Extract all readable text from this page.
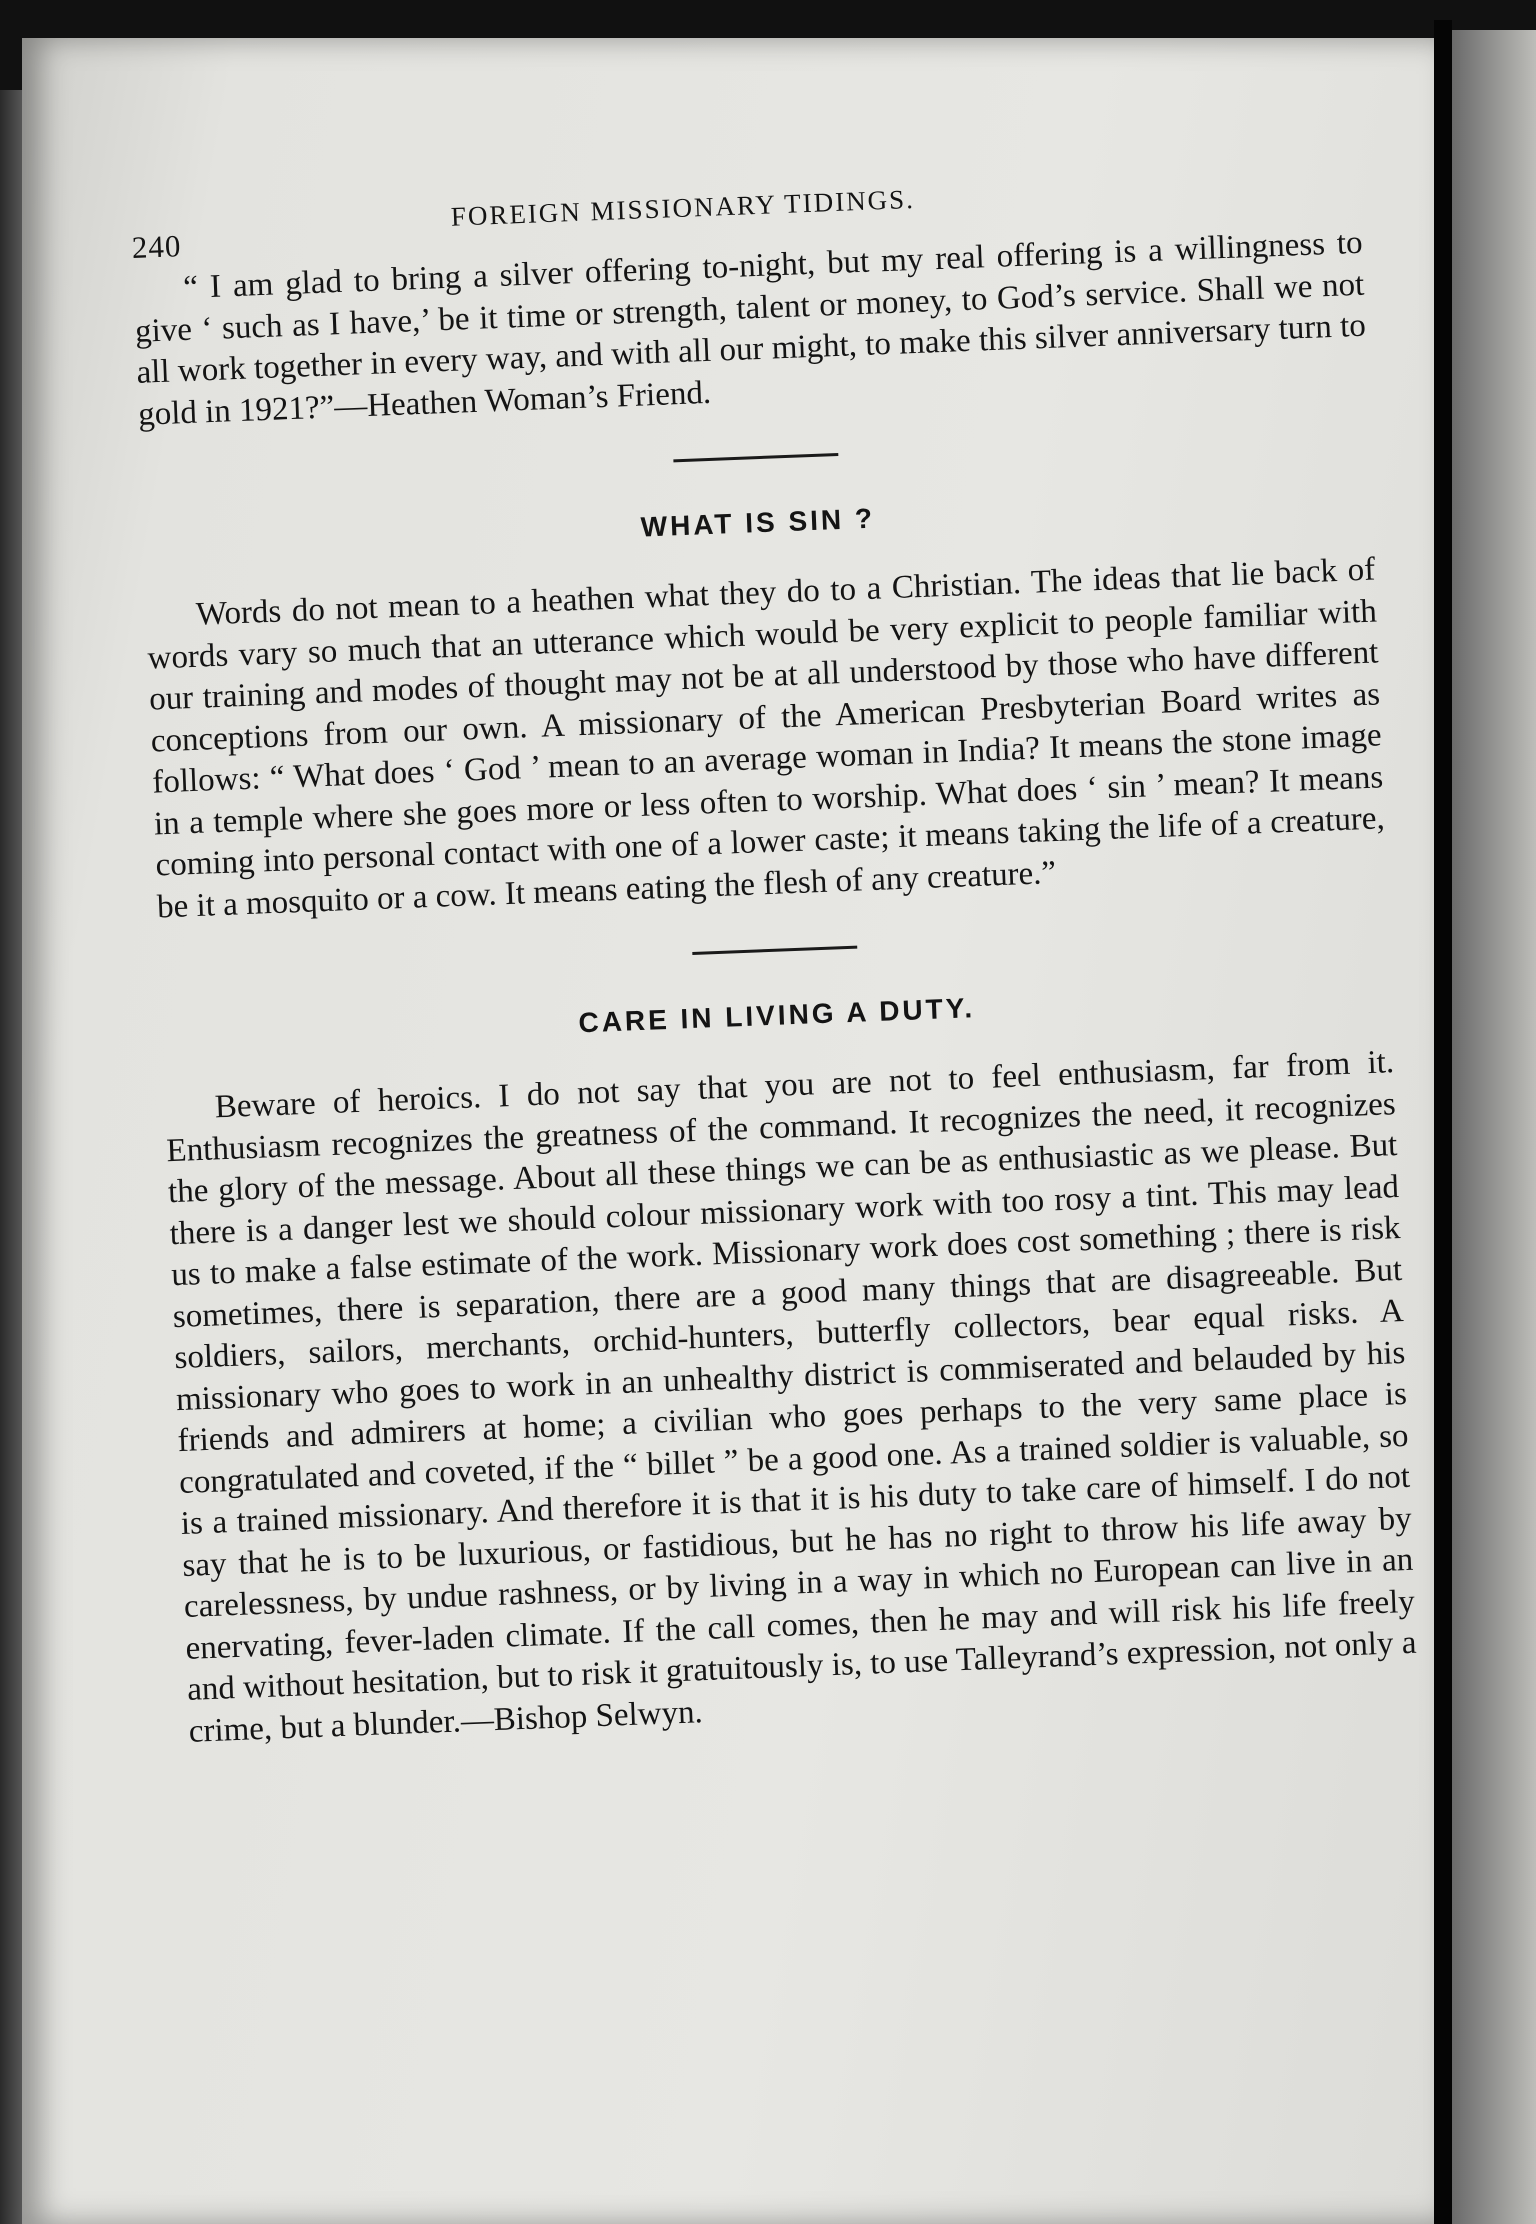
240
FOREIGN MISSIONARY TIDINGS.

“ I am glad to bring a silver offering to-night, but my real offering is a willingness to give ‘ such as I have,’ be it time or strength, talent or money, to God’s service. Shall we not all work together in every way, and with all our might, to make this silver anniversary turn to gold in 1921?”—Heathen Woman’s Friend.

WHAT IS SIN ?

Words do not mean to a heathen what they do to a Christian. The ideas that lie back of words vary so much that an utterance which would be very explicit to people familiar with our training and modes of thought may not be at all understood by those who have different conceptions from our own. A missionary of the American Presbyterian Board writes as follows: “ What does ‘ God ’ mean to an average woman in India? It means the stone image in a temple where she goes more or less often to worship. What does ‘ sin ’ mean? It means coming into personal contact with one of a lower caste; it means taking the life of a creature, be it a mosquito or a cow. It means eating the flesh of any creature.”

CARE IN LIVING A DUTY.

Beware of heroics. I do not say that you are not to feel enthusiasm, far from it. Enthusiasm recognizes the greatness of the command. It recognizes the need, it recognizes the glory of the message. About all these things we can be as enthusiastic as we please. But there is a danger lest we should colour missionary work with too rosy a tint. This may lead us to make a false estimate of the work. Missionary work does cost something ; there is risk sometimes, there is separation, there are a good many things that are disagreeable. But soldiers, sailors, merchants, orchid-hunters, butterfly collectors, bear equal risks. A missionary who goes to work in an unhealthy district is commiserated and belauded by his friends and admirers at home; a civilian who goes perhaps to the very same place is congratulated and coveted, if the “ billet ” be a good one. As a trained soldier is valuable, so is a trained missionary. And therefore it is that it is his duty to take care of himself. I do not say that he is to be luxurious, or fastidious, but he has no right to throw his life away by carelessness, by undue rashness, or by living in a way in which no European can live in an enervating, fever-laden climate. If the call comes, then he may and will risk his life freely and without hesitation, but to risk it gratuitously is, to use Talleyrand’s expression, not only a crime, but a blunder.—Bishop Selwyn.
